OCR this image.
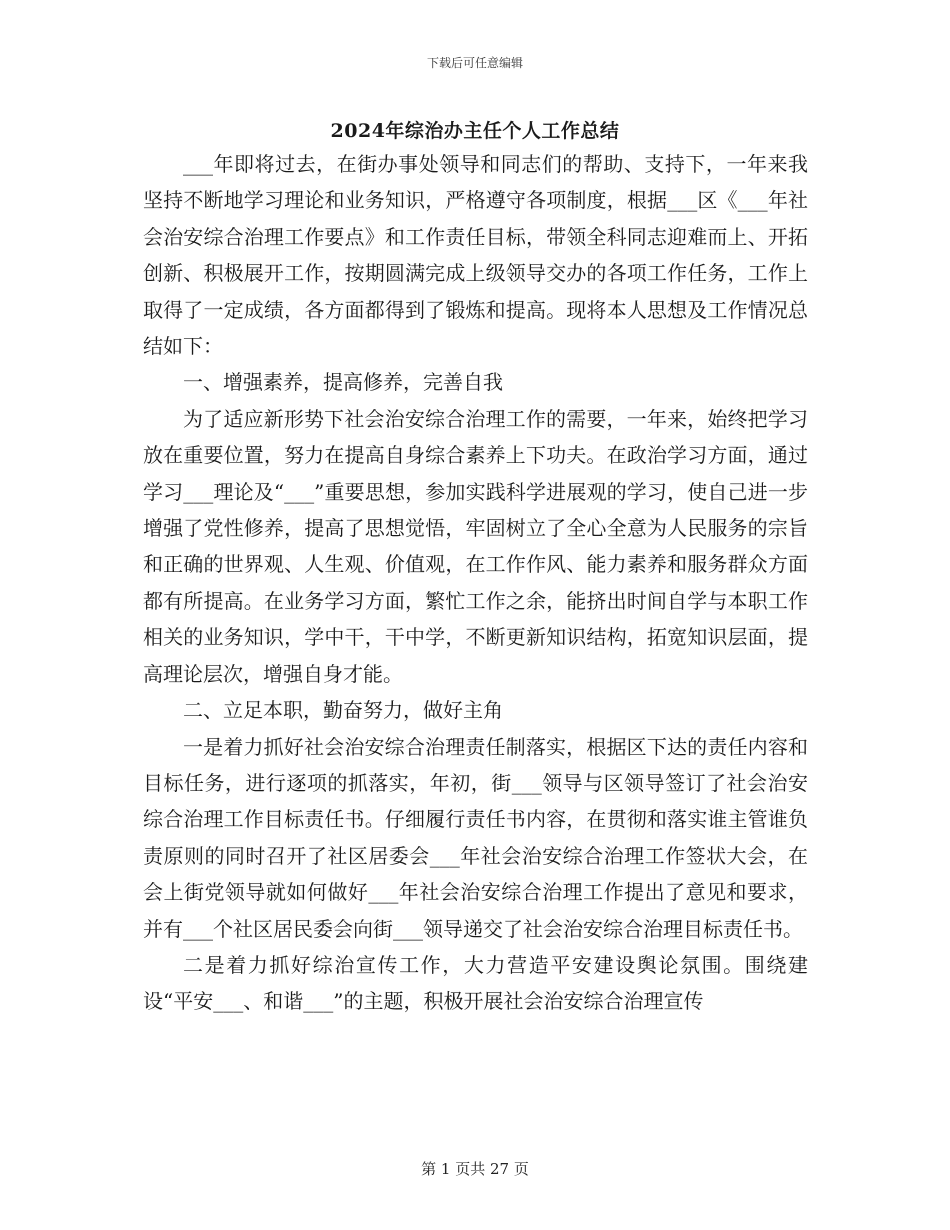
下载后可任意编辑
2024年综治办主任个人工作总结

___年即将过去，在街办事处领导和同志们的帮助、支持下，一年来我坚持不断地学习理论和业务知识，严格遵守各项制度，根据___区《___年社会治安综合治理工作要点》和工作责任目标，带领全科同志迎难而上、开拓创新、积极展开工作，按期圆满完成上级领导交办的各项工作任务，工作上取得了一定成绩，各方面都得到了锻炼和提高。现将本人思想及工作情况总结如下：

一、增强素养，提高修养，完善自我

为了适应新形势下社会治安综合治理工作的需要，一年来，始终把学习放在重要位置，努力在提高自身综合素养上下功夫。在政治学习方面，通过学习___理论及“___”重要思想，参加实践科学进展观的学习，使自己进一步增强了党性修养，提高了思想觉悟，牢固树立了全心全意为人民服务的宗旨和正确的世界观、人生观、价值观，在工作作风、能力素养和服务群众方面都有所提高。在业务学习方面，繁忙工作之余，能挤出时间自学与本职工作相关的业务知识，学中干，干中学，不断更新知识结构，拓宽知识层面，提高理论层次，增强自身才能。

二、立足本职，勤奋努力，做好主角

一是着力抓好社会治安综合治理责任制落实，根据区下达的责任内容和目标任务，进行逐项的抓落实，年初，街___领导与区领导签订了社会治安综合治理工作目标责任书。仔细履行责任书内容，在贯彻和落实谁主管谁负责原则的同时召开了社区居委会___年社会治安综合治理工作签状大会，在会上街党领导就如何做好___年社会治安综合治理工作提出了意见和要求，并有___个社区居民委会向街___领导递交了社会治安综合治理目标责任书。

二是着力抓好综治宣传工作，大力营造平安建设舆论氛围。围绕建设“平安___、和谐___”的主题，积极开展社会治安综合治理宣传

第 1 页共 27 页
